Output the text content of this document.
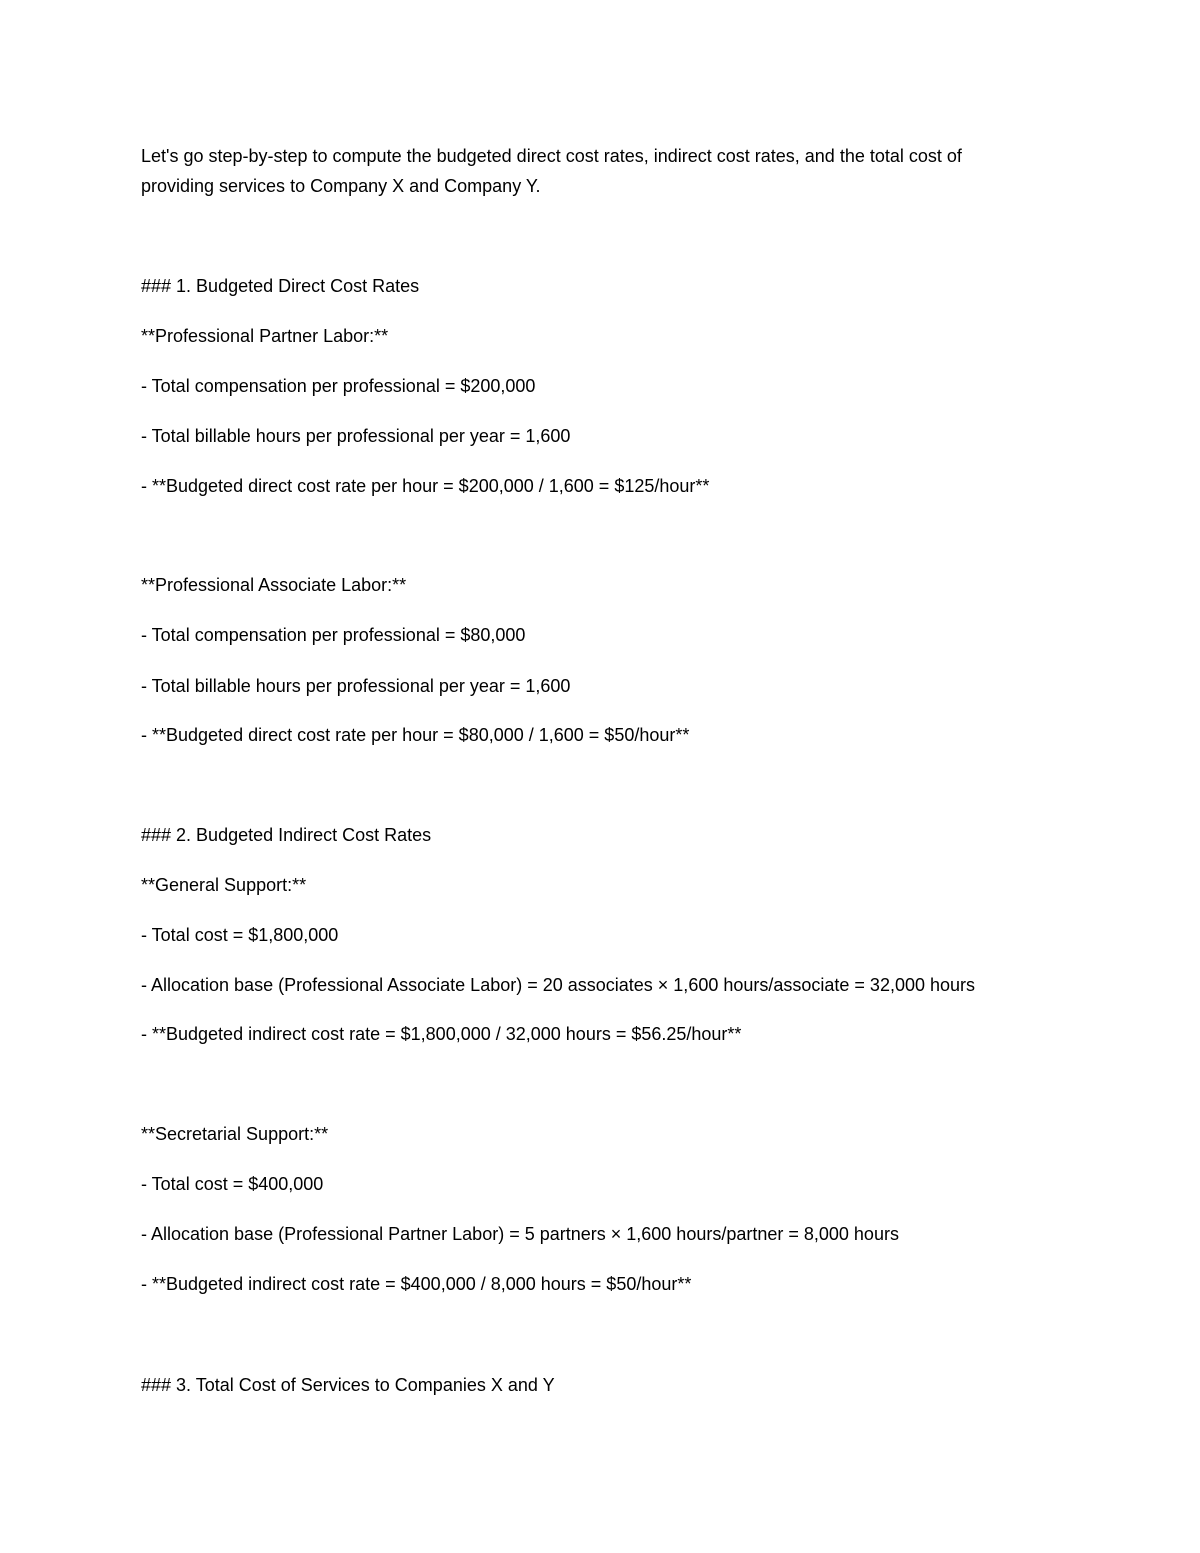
Let's go step-by-step to compute the budgeted direct cost rates, indirect cost rates, and the total cost of
providing services to Company X and Company Y.
### 1. Budgeted Direct Cost Rates
**Professional Partner Labor:**
- Total compensation per professional = $200,000
- Total billable hours per professional per year = 1,600
- **Budgeted direct cost rate per hour = $200,000 / 1,600 = $125/hour**
**Professional Associate Labor:**
- Total compensation per professional = $80,000
- Total billable hours per professional per year = 1,600
- **Budgeted direct cost rate per hour = $80,000 / 1,600 = $50/hour**
### 2. Budgeted Indirect Cost Rates
**General Support:**
- Total cost = $1,800,000
- Allocation base (Professional Associate Labor) = 20 associates × 1,600 hours/associate = 32,000 hours
- **Budgeted indirect cost rate = $1,800,000 / 32,000 hours = $56.25/hour**
**Secretarial Support:**
- Total cost = $400,000
- Allocation base (Professional Partner Labor) = 5 partners × 1,600 hours/partner = 8,000 hours
- **Budgeted indirect cost rate = $400,000 / 8,000 hours = $50/hour**
### 3. Total Cost of Services to Companies X and Y
